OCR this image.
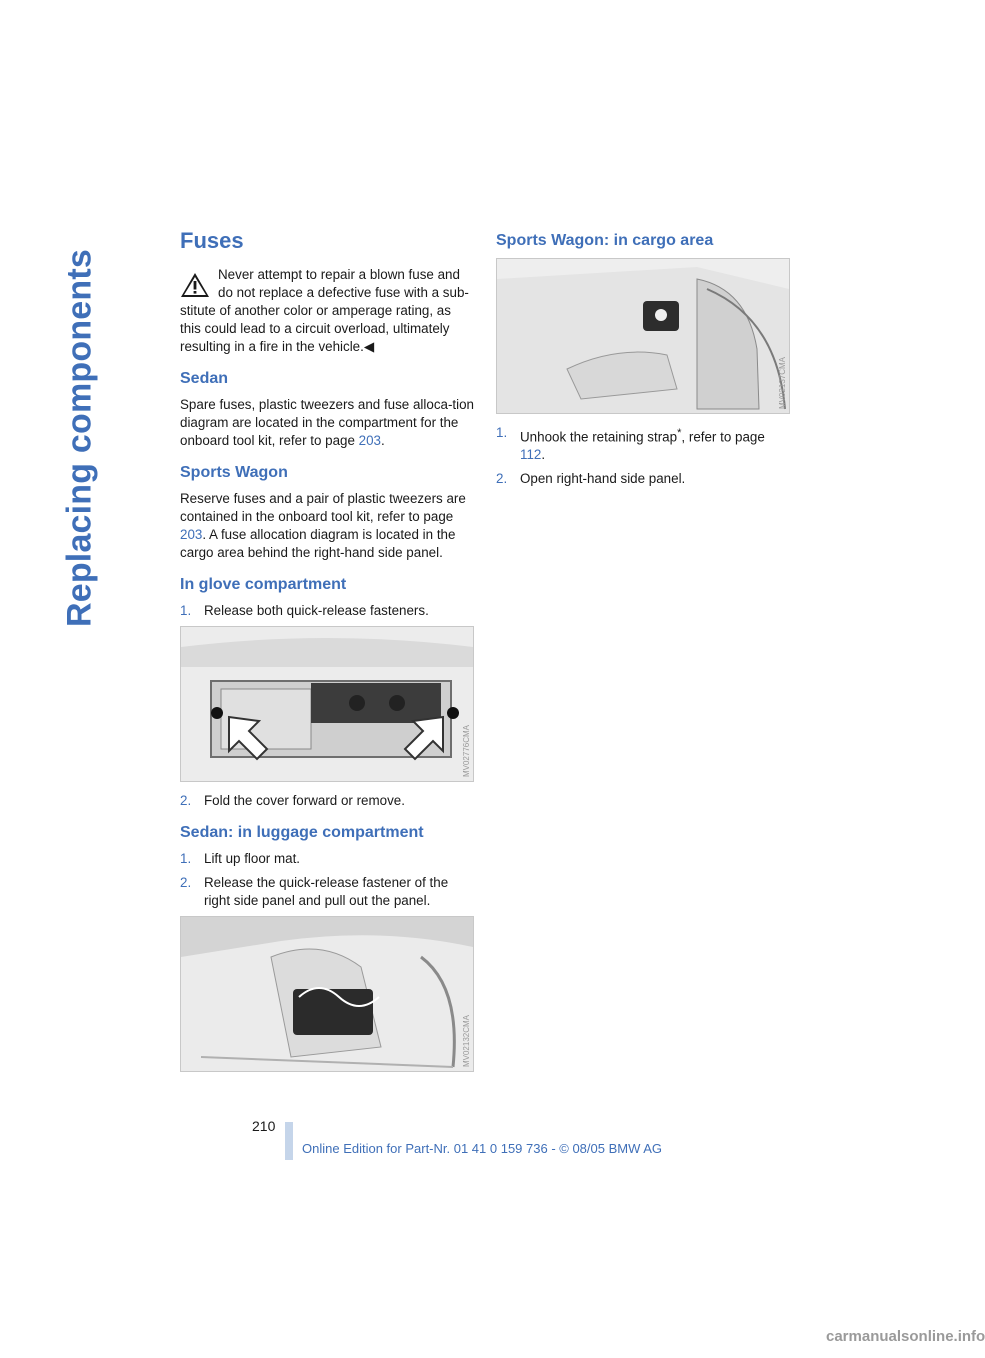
Replacing components
Fuses
Never attempt to repair a blown fuse and do not replace a defective fuse with a sub-stitute of another color or amperage rating, as this could lead to a circuit overload, ultimately resulting in a fire in the vehicle.◀
Sedan

Spare fuses, plastic tweezers and fuse alloca-tion diagram are located in the compartment for the onboard tool kit, refer to page 203.

Sports Wagon

Reserve fuses and a pair of plastic tweezers are contained in the onboard tool kit, refer to page 203. A fuse allocation diagram is located in the cargo area behind the right-hand side panel.

In glove compartment
1. Release both quick-release fasteners.
MV02776CMA
2. Fold the cover forward or remove.
Sedan: in luggage compartment
1. Lift up floor mat.
2. Release the quick-release fastener of the right side panel and pull out the panel.
MV02132CMA
Sports Wagon: in cargo area
MV02137CMA
1. Unhook the retaining strap*, refer to page 112.
2. Open right-hand side panel.
210
Online Edition for Part-Nr. 01 41 0 159 736 - © 08/05 BMW AG
carmanualsonline.info
